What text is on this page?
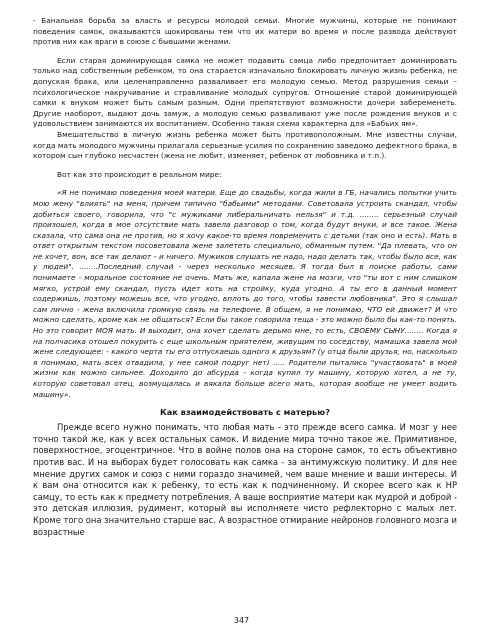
- Банальная борьба за власть и ресурсы молодой семьи. Многие мужчины, которые не понимают поведения самок, оказываются шокированы тем что их матери во время и после развода действуют против них как враги в союзе с бывшими женами.

Если старая доминирующая самка не может подавить самца либо предпочитает доминировать только над собственным ребенком, то она старается изначально блокировать личную жизнь ребенка, не допуская брака, или целенаправленно разваливает его молодую семью. Метод разрушения семьи – психологическое накручивание и стравливание молодых супругов. Отношение старой доминирующей самки к внуком может быть самым разным. Одни препятствуют возможности дочери забеременеть. Другие наоборот, выдают дочь замуж, а молодую семью разваливают уже после рождения внуков и с удовольствием занимаются их воспитанием. Особенно такая схема характерна для «Бабьих ям».

Вмешательство в личную жизнь ребенка может быть противоположным. Мне известны случаи, когда мать молодого мужчины прилагала серьезные усилия по сохранению заведомо дефектного брака, в котором сын глубоко несчастен (жена не любит, изменяет, ребенок от любовника и т.п.).

Вот как это происходит в реальном мире:

«Я не понимаю поведения моей матери. Еще до свадьбы, когда жили в ГБ, начались попытки учить мою жену "влиять" на меня, причем типично "бабьими" методами. Советовала устроить скандал, чтобы добиться своего, говорила, что "с мужиками либеральничать нельзя" и т.д. ........ серьезный случай произошел, когда в мое отсутствие мать завела разговор о том, когда будут внуки, и все такое. Жена сказала, что сама она не против, но я хочу какое-то время повременить с детьми (так оно и есть). Мать в ответ открытым текстом посоветовала жене залететь специально, обманным путем. "Да плевать, что он не хочет, вон, все так делают - и ничего. Мужиков слушать не надо, надо делать так, чтобы было все, как у людей". ........Последний случай - через несколько месяцев. Я тогда был в поиске работы, сами понимаете - моральное состояние не очень. Мать же, капала жене на мозги, что "ты вот с ним слишком мягко, устрой ему скандал, пусть идет хоть на стройку, куда угодно. А ты его в данный момент содержишь, поэтому можешь все, что угодно, вплоть до того, чтобы завести любовника". Это я слышал сам лично - жена включила громкую связь на телефоне. В общем, я не понимаю, ЧТО ей движет? И что можно сделать, кроме как не общаться? Если бы такое говорила теща - это можно было бы как-то понять. Но это говорит МОЯ мать. И выходит, она хочет сделать дерьмо мне, то есть, СВОЕМУ СЫНУ........ Когда я на полчасика отошел покурить с еще школьным приятелем, живущим по соседству, мамашка завела мой жене следующее: - какого черта ты его отпускаешь одного к друзьям? (у отца были друзья, но, насколько я понимаю, мать всех отвадила, у нее самой подруг нет) ..... Родители пытались "участвовать" в моей жизни как можно сильнее. Доходило до абсурда - когда купил ту машину, которую хотел, а не ту, которую советовал отец, возмущалась и вякала больше всего мать, которая вообще не умеет водить машину».

Как взаимодействовать с матерью?

Прежде всего нужно понимать, что любая мать - это прежде всего самка. И мозг у нее точно такой же, как у всех остальных самок. И видение мира точно такое же. Примитивное, поверхностное, эгоцентричное. Что в войне полов она на стороне самок, то есть объективно против вас. И на выборах будет голосовать как самка - за антимужскую политику. И для нее мнение других самок и союз с ними гораздо значимей, чем ваше мнение и ваши интересы. И к вам она относится как к ребенку, то есть как к подчиненному. И скорее всего как к НР самцу, то есть как к предмету потребления. А ваше восприятие матери как мудрой и доброй - это детская иллюзия, рудимент, который вы исполняете чисто рефлекторно с малых лет. Кроме того она значительно старше вас. А возрастное отмирание нейронов головного мозга и возрастные

347
